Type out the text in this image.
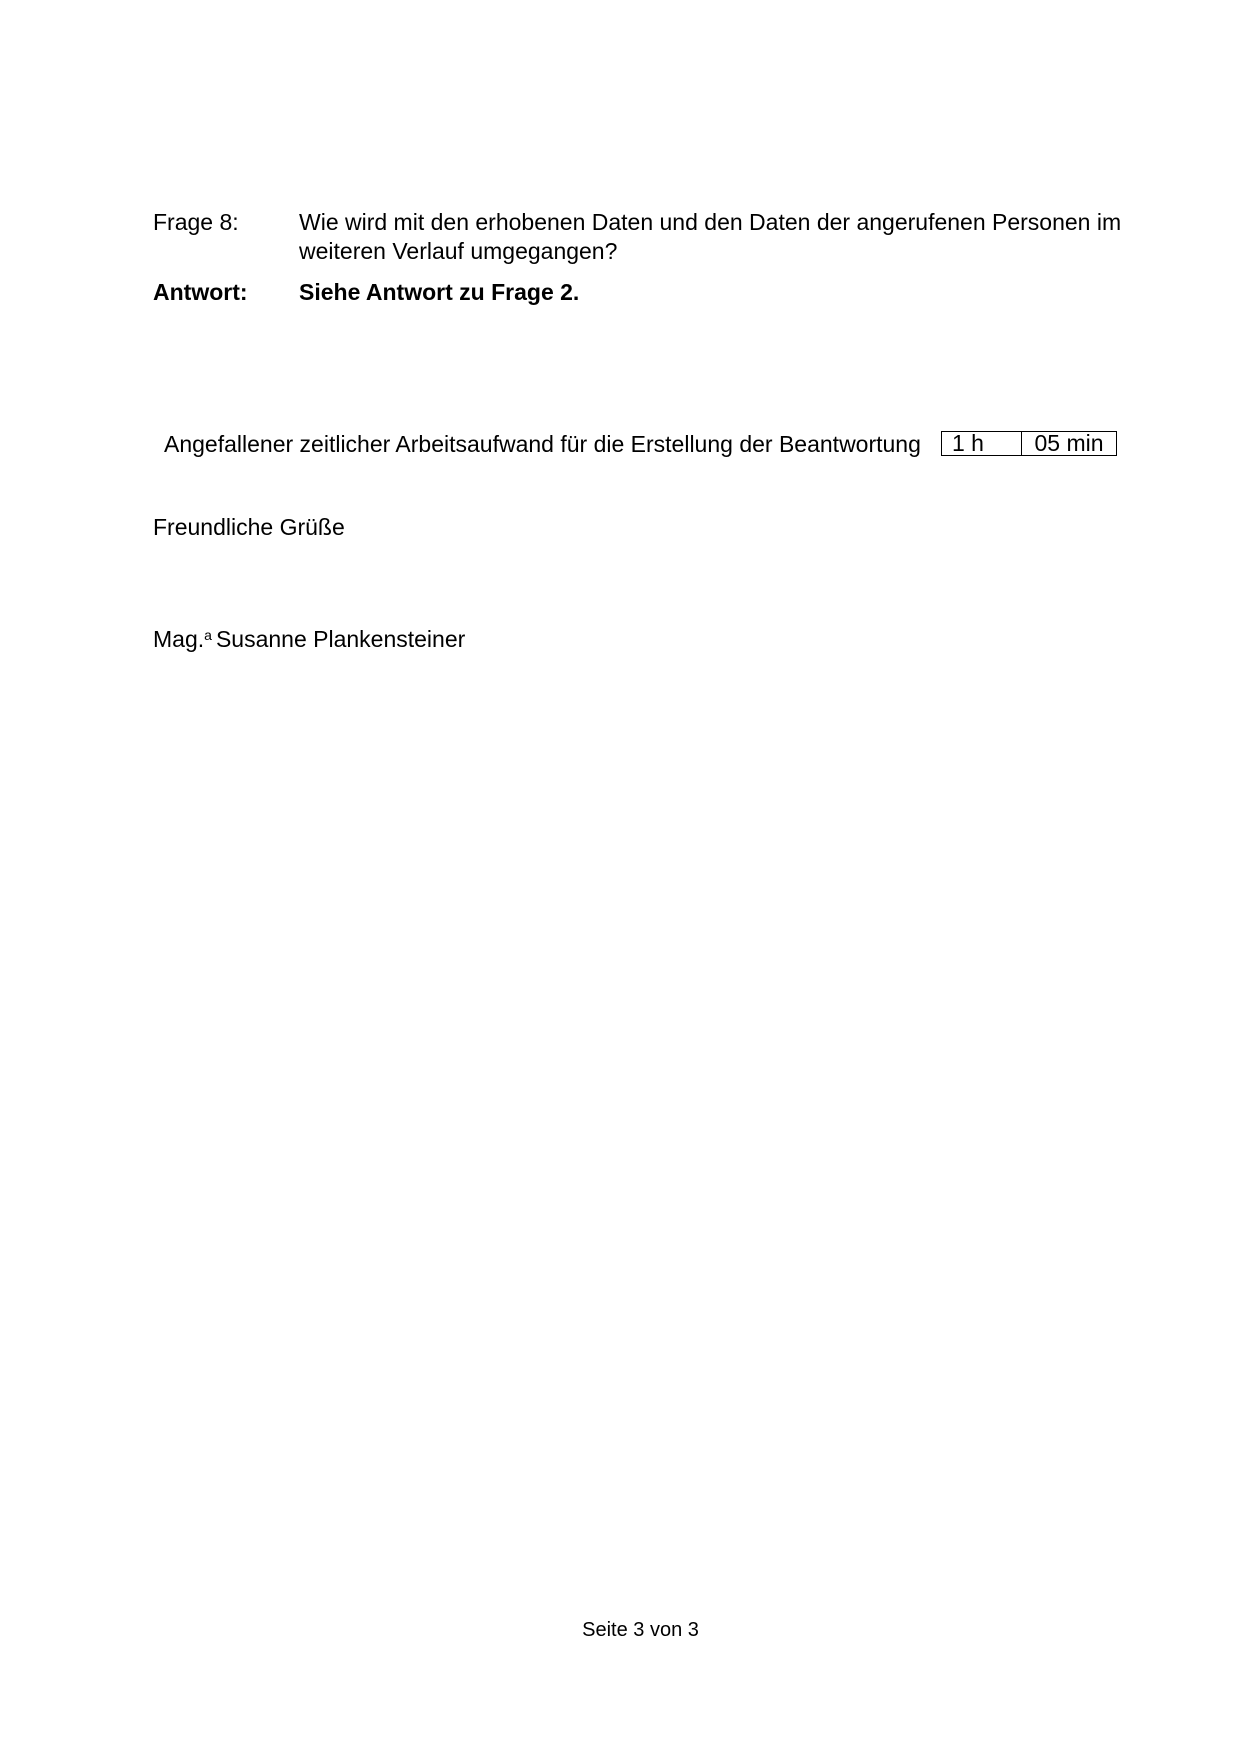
Frage 8:	Wie wird mit den erhobenen Daten und den Daten der angerufenen Personen im
weiteren Verlauf umgegangen?
Antwort: Siehe Antwort zu Frage 2.
Angefallener zeitlicher Arbeitsaufwand für die Erstellung der Beantwortung	1 h	05 min
Freundliche Grüße
Mag.$^a$ Susanne Plankensteiner
Seite 3 von 3
